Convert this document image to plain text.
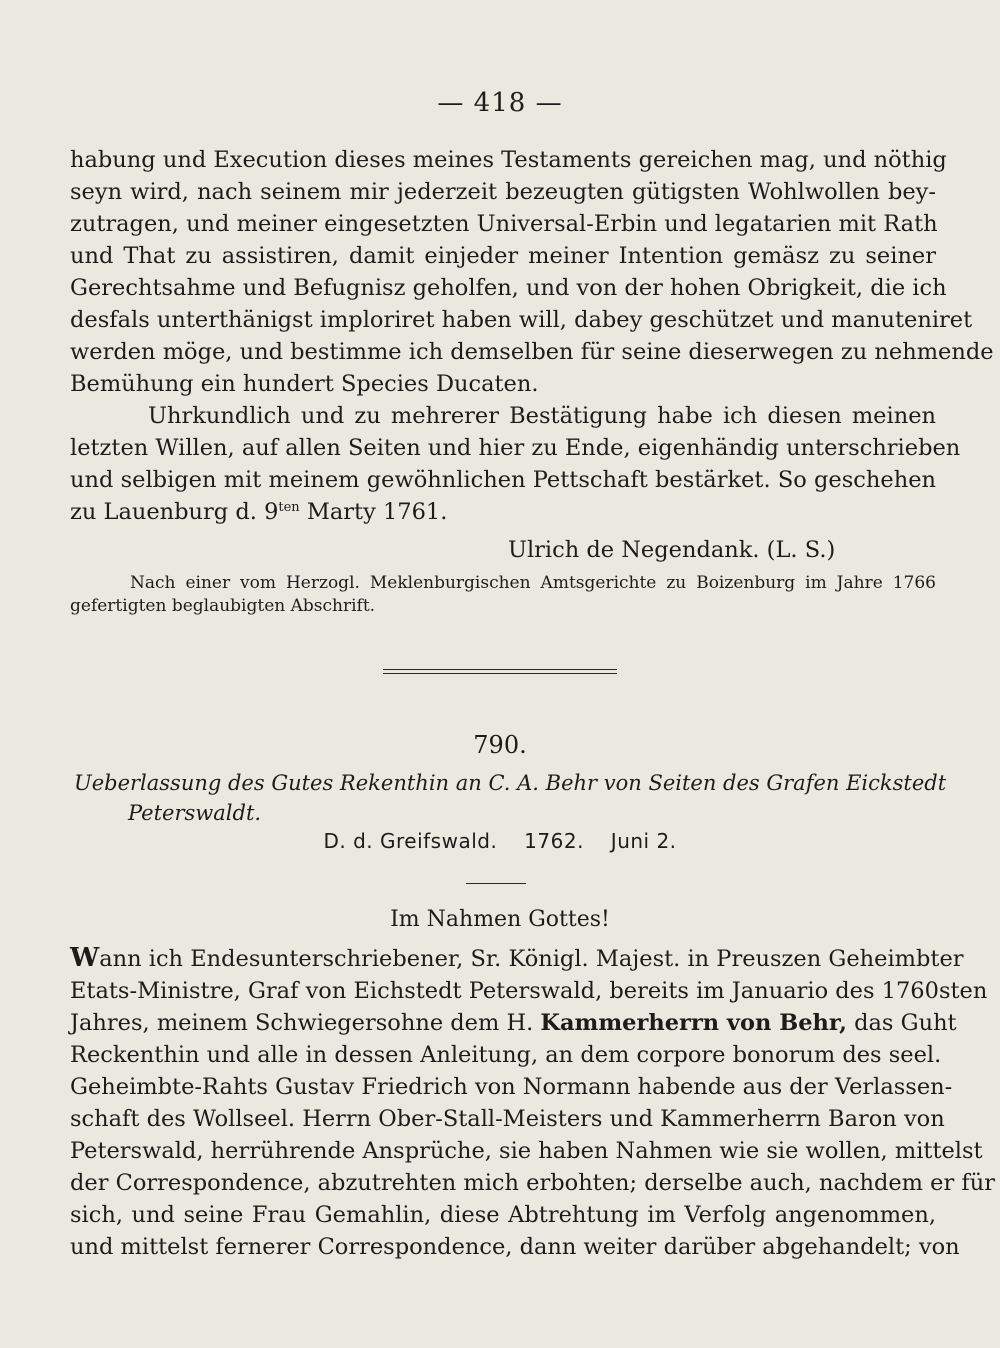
— 418 —
habung und Execution dieses meines Testaments gereichen mag, und nöthig
seyn wird, nach seinem mir jederzeit bezeugten gütigsten Wohlwollen bey-
zutragen, und meiner eingesetzten Universal-Erbin und legatarien mit Rath
und That zu assistiren, damit einjeder meiner Intention gemäsz zu seiner
Gerechtsahme und Befugnisz geholfen, und von der hohen Obrigkeit, die ich
desfals unterthänigst imploriret haben will, dabey geschützet und manuteniret
werden möge, und bestimme ich demselben für seine dieserwegen zu nehmende
Bemühung ein hundert Species Ducaten.
Uhrkundlich und zu mehrerer Bestätigung habe ich diesen meinen
letzten Willen, auf allen Seiten und hier zu Ende, eigenhändig unterschrieben
und selbigen mit meinem gewöhnlichen Pettschaft bestärket. So geschehen
zu Lauenburg d. $9^{ten}$ Marty 1761.
Ulrich de Negendank. (L. S.)
Nach einer vom Herzogl. Meklenburgischen Amtsgerichte zu Boizenburg im Jahre 1766
gefertigten beglaubigten Abschrift.
790.
Ueberlassung des Gutes Rekenthin an C. A. Behr von Seiten des Grafen Eickstedt
Peterswaldt.
D. d. Greifswald. 1762. Juni 2.
Im Nahmen Gottes!
Wann ich Endesunterschriebener, Sr. Königl. Majest. in Preuszen Geheimbter
Etats-Ministre, Graf von Eichstedt Peterswald, bereits im Januario des 1760sten
Jahres, meinem Schwiegersohne dem H. Kammerherrn von Behr, das Guht
Reckenthin und alle in dessen Anleitung, an dem corpore bonorum des seel.
Geheimbte-Rahts Gustav Friedrich von Normann habende aus der Verlassen-
schaft des Wollseel. Herrn Ober-Stall-Meisters und Kammerherrn Baron von
Peterswald, herrührende Ansprüche, sie haben Nahmen wie sie wollen, mittelst
der Correspondence, abzutrehten mich erbohten; derselbe auch, nachdem er für
sich, und seine Frau Gemahlin, diese Abtrehtung im Verfolg angenommen,
und mittelst fernerer Correspondence, dann weiter darüber abgehandelt; von
